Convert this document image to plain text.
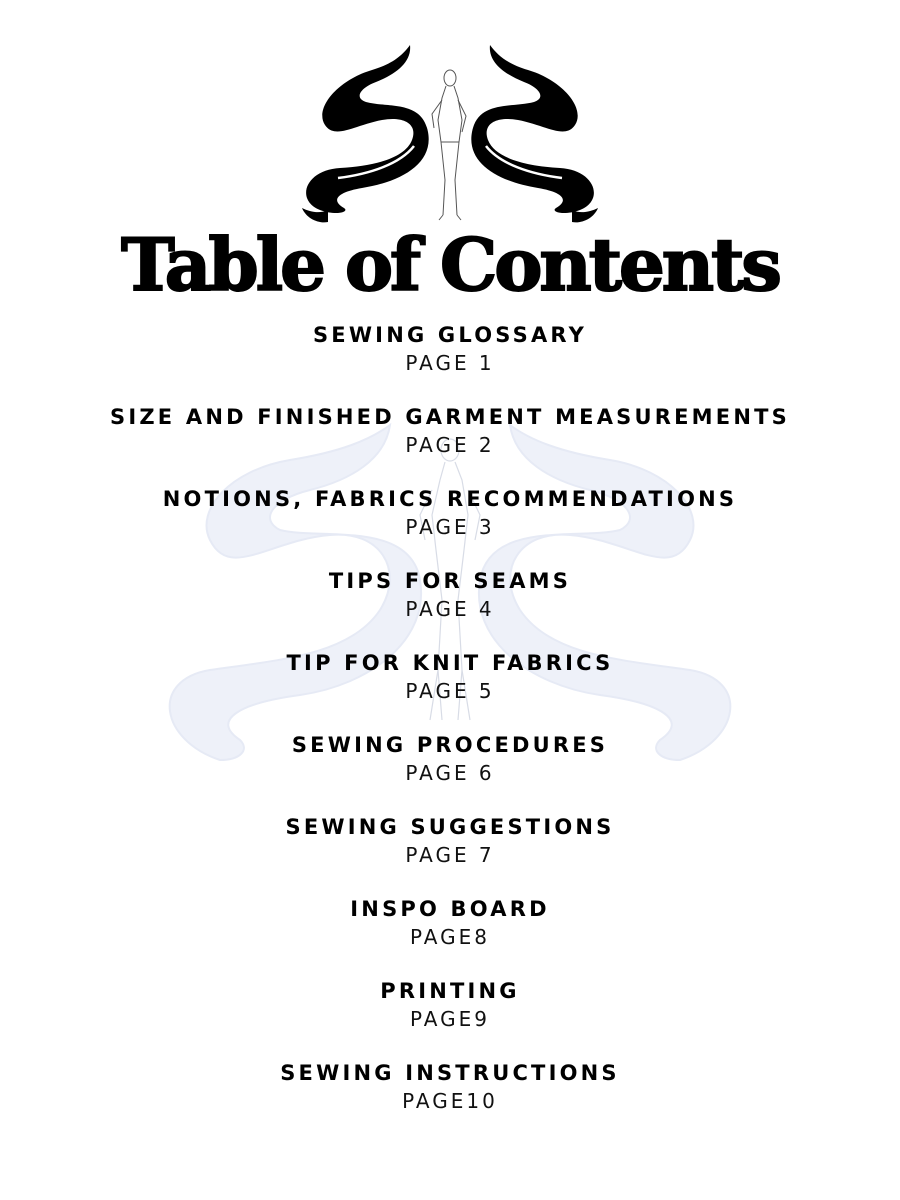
Table of Contents
SEWING GLOSSARY
PAGE 1
SIZE AND FINISHED GARMENT MEASUREMENTS
PAGE 2
NOTIONS, FABRICS RECOMMENDATIONS
PAGE 3
TIPS FOR SEAMS
PAGE 4
TIP FOR KNIT FABRICS
PAGE 5
SEWING PROCEDURES
PAGE 6
SEWING SUGGESTIONS
PAGE 7
INSPO BOARD
PAGE8
PRINTING
PAGE9
SEWING INSTRUCTIONS
PAGE10
